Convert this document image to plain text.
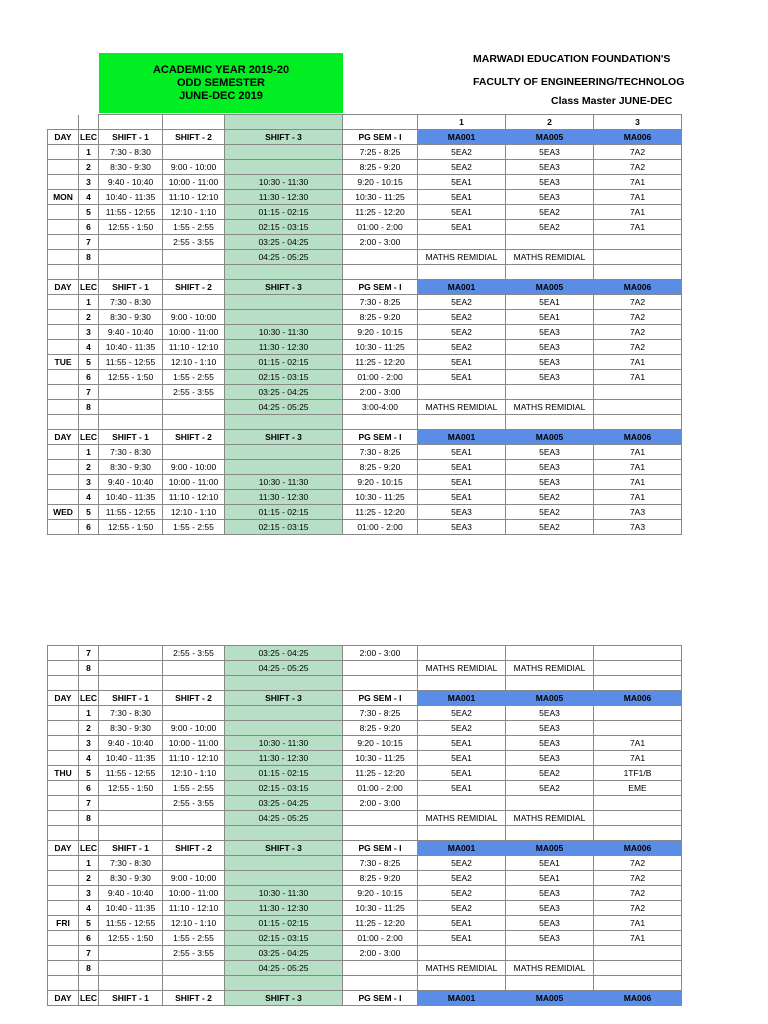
ACADEMIC YEAR 2019-20
ODD SEMESTER
JUNE-DEC 2019
MARWADI EDUCATION FOUNDATION'S
FACULTY OF ENGINEERING/TECHNOLOG
Class Master JUNE-DEC
						1	2	3
DAY	LEC	SHIFT - 1	SHIFT - 2	SHIFT - 3	PG SEM - I	MA001	MA005	MA006
	1	7:30 - 8:30			7:25 - 8:25	5EA2	5EA3	7A2
	2	8:30 - 9:30	9:00 - 10:00		8:25 - 9:20	5EA2	5EA3	7A2
	3	9:40 - 10:40	10:00 - 11:00	10:30 - 11:30	9:20 - 10:15	5EA1	5EA3	7A1
MON	4	10:40 - 11:35	11:10 - 12:10	11:30 - 12:30	10:30 - 11:25	5EA1	5EA3	7A1
	5	11:55 - 12:55	12:10 - 1:10	01:15 - 02:15	11:25 - 12:20	5EA1	5EA2	7A1
	6	12:55 - 1:50	1:55 - 2:55	02:15 - 03:15	01:00 - 2:00	5EA1	5EA2	7A1
	7		2:55 - 3:55	03:25 - 04:25	2:00 - 3:00			
	8			04:25 - 05:25		MATHS REMIDIAL	MATHS REMIDIAL	

DAY	LEC	SHIFT - 1	SHIFT - 2	SHIFT - 3	PG SEM - I	MA001	MA005	MA006
	1	7:30 - 8:30			7:30 - 8:25	5EA2	5EA1	7A2
	2	8:30 - 9:30	9:00 - 10:00		8:25 - 9:20	5EA2	5EA1	7A2
	3	9:40 - 10:40	10:00 - 11:00	10:30 - 11:30	9:20 - 10:15	5EA2	5EA3	7A2
	4	10:40 - 11:35	11:10 - 12:10	11:30 - 12:30	10:30 - 11:25	5EA2	5EA3	7A2
TUE	5	11:55 - 12:55	12:10 - 1:10	01:15 - 02:15	11:25 - 12:20	5EA1	5EA3	7A1
	6	12:55 - 1:50	1:55 - 2:55	02:15 - 03:15	01:00 - 2:00	5EA1	5EA3	7A1
	7		2:55 - 3:55	03:25 - 04:25	2:00 - 3:00			
	8			04:25 - 05:25	3:00-4:00	MATHS REMIDIAL	MATHS REMIDIAL	

DAY	LEC	SHIFT - 1	SHIFT - 2	SHIFT - 3	PG SEM - I	MA001	MA005	MA006
	1	7:30 - 8:30			7:30 - 8:25	5EA1	5EA3	7A1
	2	8:30 - 9:30	9:00 - 10:00		8:25 - 9:20	5EA1	5EA3	7A1
	3	9:40 - 10:40	10:00 - 11:00	10:30 - 11:30	9:20 - 10:15	5EA1	5EA3	7A1
	4	10:40 - 11:35	11:10 - 12:10	11:30 - 12:30	10:30 - 11:25	5EA1	5EA2	7A1
WED	5	11:55 - 12:55	12:10 - 1:10	01:15 - 02:15	11:25 - 12:20	5EA3	5EA2	7A3
	6	12:55 - 1:50	1:55 - 2:55	02:15 - 03:15	01:00 - 2:00	5EA3	5EA2	7A3
	7		2:55 - 3:55	03:25 - 04:25	2:00 - 3:00			
	8			04:25 - 05:25		MATHS REMIDIAL	MATHS REMIDIAL	

DAY	LEC	SHIFT - 1	SHIFT - 2	SHIFT - 3	PG SEM - I	MA001	MA005	MA006
	1	7:30 - 8:30			7:30 - 8:25	5EA2	5EA3	
	2	8:30 - 9:30	9:00 - 10:00		8:25 - 9:20	5EA2	5EA3	
	3	9:40 - 10:40	10:00 - 11:00	10:30 - 11:30	9:20 - 10:15	5EA1	5EA3	7A1
	4	10:40 - 11:35	11:10 - 12:10	11:30 - 12:30	10:30 - 11:25	5EA1	5EA3	7A1
THU	5	11:55 - 12:55	12:10 - 1:10	01:15 - 02:15	11:25 - 12:20	5EA1	5EA2	1TF1/B
	6	12:55 - 1:50	1:55 - 2:55	02:15 - 03:15	01:00 - 2:00	5EA1	5EA2	EME
	7		2:55 - 3:55	03:25 - 04:25	2:00 - 3:00			
	8			04:25 - 05:25		MATHS REMIDIAL	MATHS REMIDIAL	

DAY	LEC	SHIFT - 1	SHIFT - 2	SHIFT - 3	PG SEM - I	MA001	MA005	MA006
	1	7:30 - 8:30			7:30 - 8:25	5EA2	5EA1	7A2
	2	8:30 - 9:30	9:00 - 10:00		8:25 - 9:20	5EA2	5EA1	7A2
	3	9:40 - 10:40	10:00 - 11:00	10:30 - 11:30	9:20 - 10:15	5EA2	5EA3	7A2
	4	10:40 - 11:35	11:10 - 12:10	11:30 - 12:30	10:30 - 11:25	5EA2	5EA3	7A2
FRI	5	11:55 - 12:55	12:10 - 1:10	01:15 - 02:15	11:25 - 12:20	5EA1	5EA3	7A1
	6	12:55 - 1:50	1:55 - 2:55	02:15 - 03:15	01:00 - 2:00	5EA1	5EA3	7A1
	7		2:55 - 3:55	03:25 - 04:25	2:00 - 3:00			
	8			04:25 - 05:25		MATHS REMIDIAL	MATHS REMIDIAL	

DAY	LEC	SHIFT - 1	SHIFT - 2	SHIFT - 3	PG SEM - I	MA001	MA005	MA006
